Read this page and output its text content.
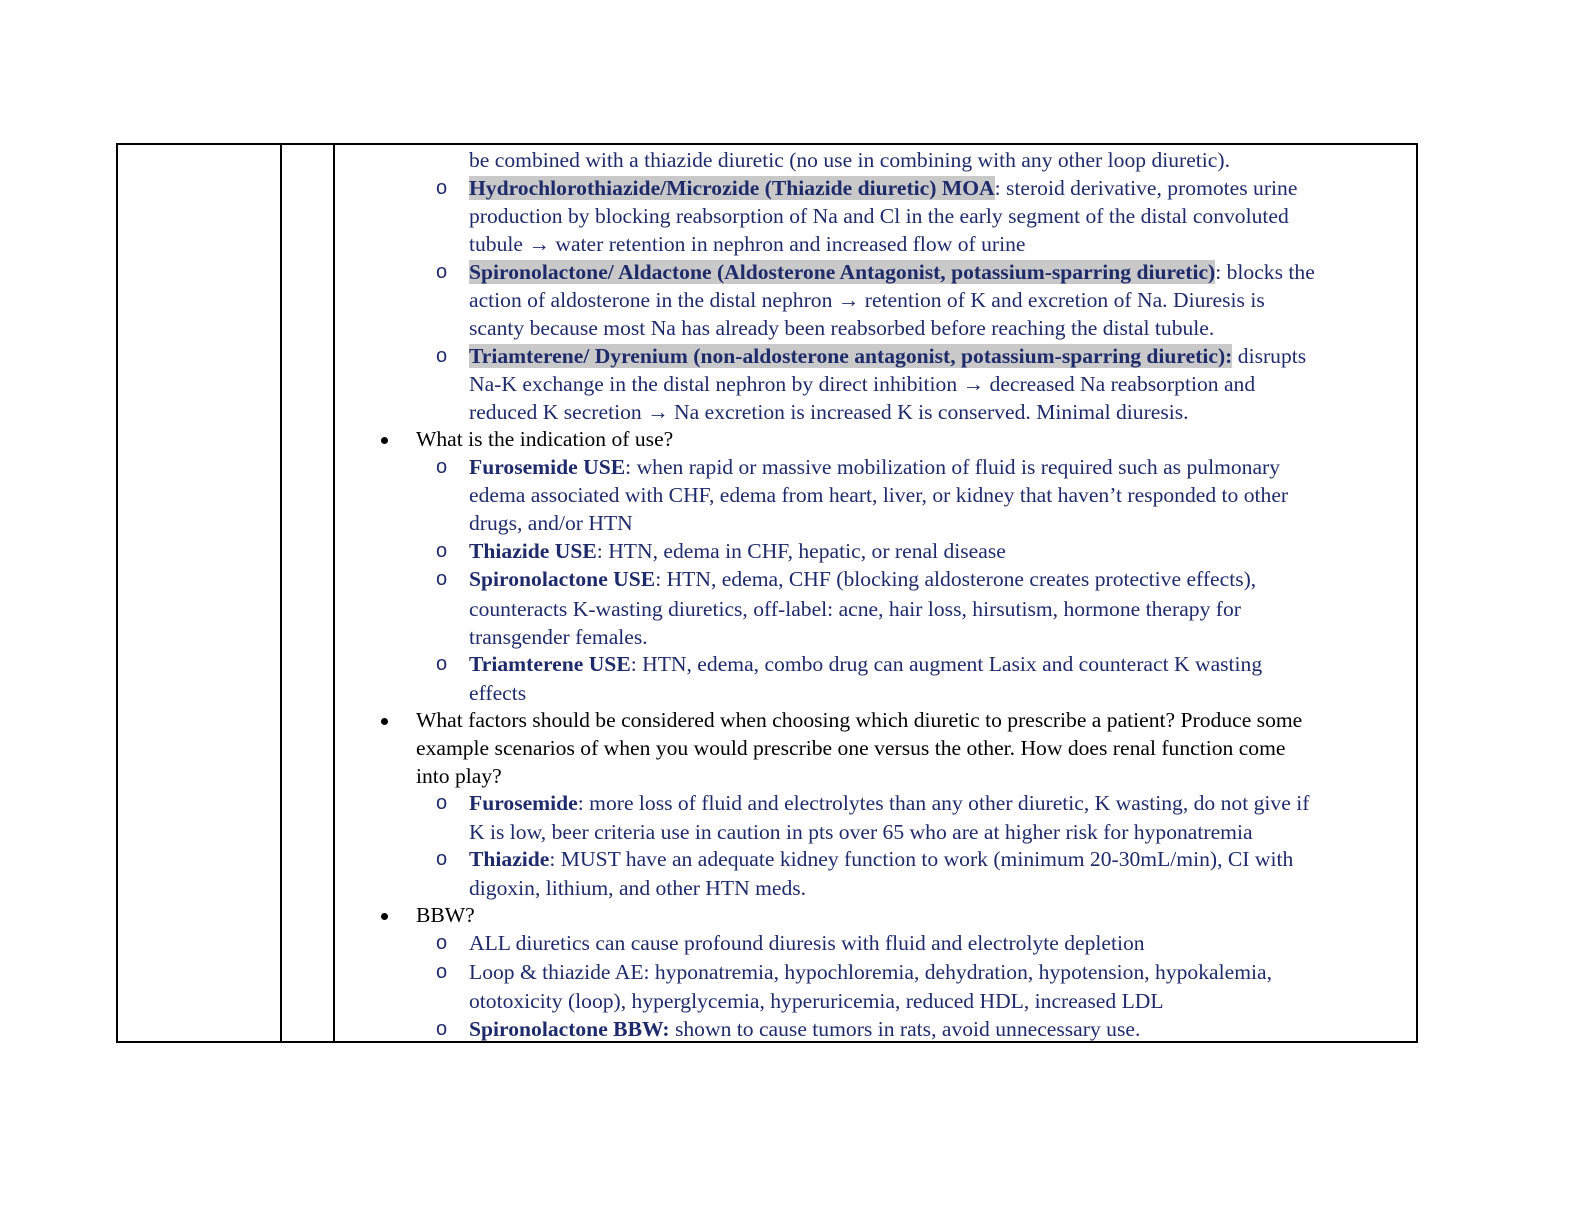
be combined with a thiazide diuretic (no use in combining with any other loop diuretic).
o Hydrochlorothiazide/Microzide (Thiazide diuretic) MOA: steroid derivative, promotes urine
production by blocking reabsorption of Na and Cl in the early segment of the distal convoluted
tubule → water retention in nephron and increased flow of urine
o Spironolactone/ Aldactone (Aldosterone Antagonist, potassium-sparring diuretic): blocks the
action of aldosterone in the distal nephron → retention of K and excretion of Na. Diuresis is
scanty because most Na has already been reabsorbed before reaching the distal tubule.
o Triamterene/ Dyrenium (non-aldosterone antagonist, potassium-sparring diuretic): disrupts
Na-K exchange in the distal nephron by direct inhibition → decreased Na reabsorption and
reduced K secretion → Na excretion is increased K is conserved. Minimal diuresis.
What is the indication of use?
o Furosemide USE: when rapid or massive mobilization of fluid is required such as pulmonary
edema associated with CHF, edema from heart, liver, or kidney that haven’t responded to other
drugs, and/or HTN
o Thiazide USE: HTN, edema in CHF, hepatic, or renal disease
o Spironolactone USE: HTN, edema, CHF (blocking aldosterone creates protective effects),
counteracts K-wasting diuretics, off-label: acne, hair loss, hirsutism, hormone therapy for
transgender females.
o Triamterene USE: HTN, edema, combo drug can augment Lasix and counteract K wasting
effects
What factors should be considered when choosing which diuretic to prescribe a patient? Produce some
example scenarios of when you would prescribe one versus the other. How does renal function come
into play?
o Furosemide: more loss of fluid and electrolytes than any other diuretic, K wasting, do not give if
K is low, beer criteria use in caution in pts over 65 who are at higher risk for hyponatremia
o Thiazide: MUST have an adequate kidney function to work (minimum 20-30mL/min), CI with
digoxin, lithium, and other HTN meds.
BBW?
o ALL diuretics can cause profound diuresis with fluid and electrolyte depletion
o Loop & thiazide AE: hyponatremia, hypochloremia, dehydration, hypotension, hypokalemia,
ototoxicity (loop), hyperglycemia, hyperuricemia, reduced HDL, increased LDL
o Spironolactone BBW: shown to cause tumors in rats, avoid unnecessary use.
